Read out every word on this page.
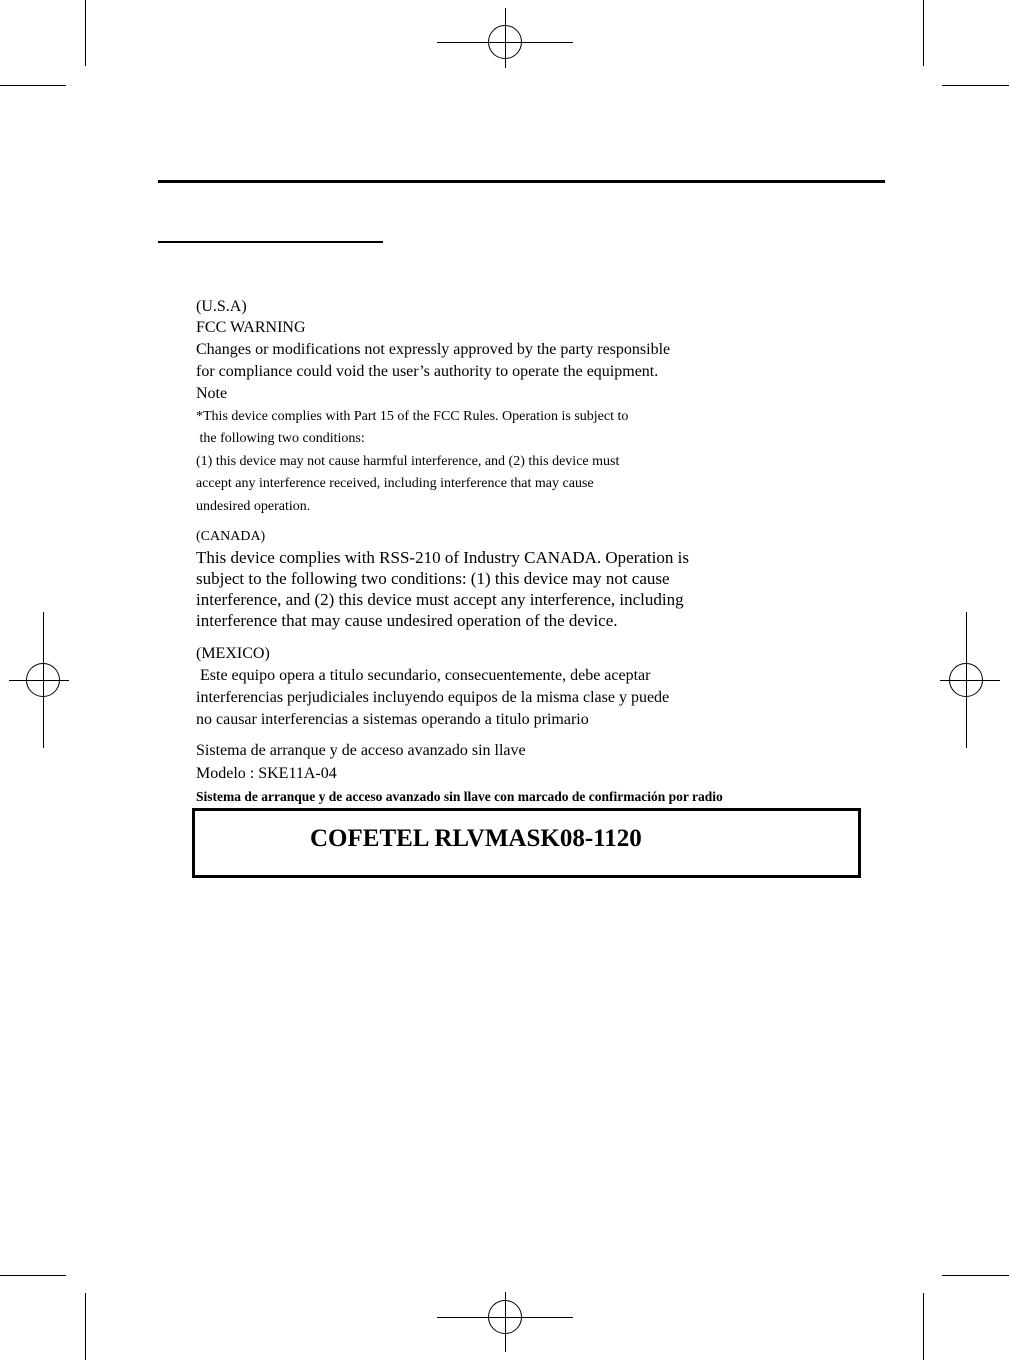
(U.S.A)
FCC WARNING
Changes or modifications not expressly approved by the party responsible
for compliance could void the user’s authority to operate the equipment.
Note
*This device complies with Part 15 of the FCC Rules. Operation is subject to
the following two conditions:
(1) this device may not cause harmful interference, and (2) this device must
accept any interference received, including interference that may cause
undesired operation.
(CANADA)
This device complies with RSS-210 of Industry CANADA. Operation is
subject to the following two conditions: (1) this device may not cause
interference, and (2) this device must accept any interference, including
interference that may cause undesired operation of the device.
(MEXICO)
Este equipo opera a titulo secundario, consecuentemente, debe aceptar
interferencias perjudiciales incluyendo equipos de la misma clase y puede
no causar interferencias a sistemas operando a titulo primario
Sistema de arranque y de acceso avanzado sin llave
Modelo : SKE11A-04
Sistema de arranque y de acceso avanzado sin llave con marcado de confirmación por radio
COFETEL RLVMASK08-1120
